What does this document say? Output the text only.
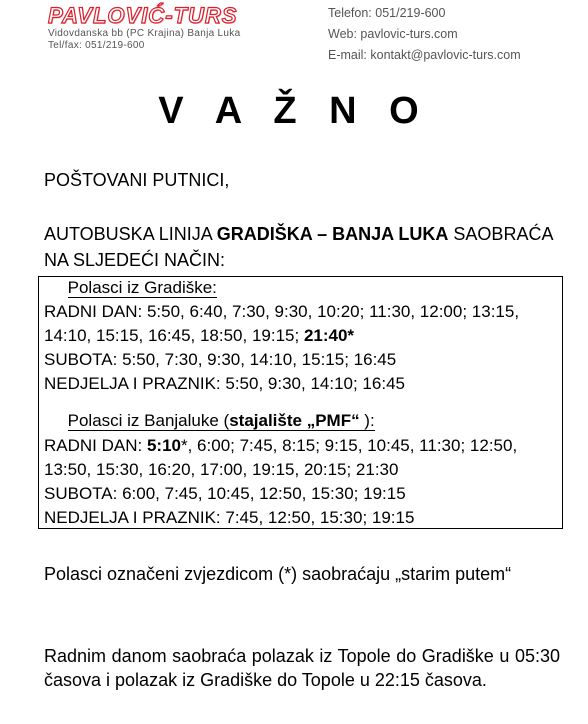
PAVLOVIĆ-TURS
Vidovdanska bb (PC Krajina) Banja Luka
Tel/fax: 051/219-600
Telefon: 051/219-600
Web: pavlovic-turs.com
E-mail: kontakt@pavlovic-turs.com
V A Ž N O
POŠTOVANI PUTNICI,
AUTOBUSKA LINIJA GRADIŠKA – BANJA LUKA SAOBRAĆA
NA SLJEDEĆI NAČIN:
Polasci iz Gradiške:
RADNI DAN: 5:50, 6:40, 7:30, 9:30, 10:20; 11:30, 12:00; 13:15,
14:10, 15:15, 16:45, 18:50, 19:15; 21:40*
SUBOTA: 5:50, 7:30, 9:30, 14:10, 15:15; 16:45
NEDJELJA I PRAZNIK: 5:50, 9:30, 14:10; 16:45
Polasci iz Banjaluke (stajalište „PMF“ ):
RADNI DAN: 5:10*, 6:00; 7:45, 8:15; 9:15, 10:45, 11:30; 12:50,
13:50, 15:30, 16:20, 17:00, 19:15, 20:15; 21:30
SUBOTA: 6:00, 7:45, 10:45, 12:50, 15:30; 19:15
NEDJELJA I PRAZNIK: 7:45, 12:50, 15:30; 19:15
Polasci označeni zvjezdicom (*) saobraćaju „starim putem“
Radnim danom saobraća polazak iz Topole do Gradiške u 05:30 časova i polazak iz Gradiške do Topole u 22:15 časova.
